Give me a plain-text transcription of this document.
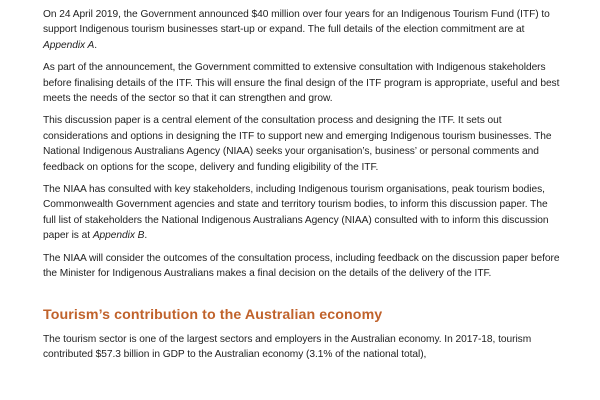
On 24 April 2019, the Government announced $40 million over four years for an Indigenous Tourism Fund (ITF) to support Indigenous tourism businesses start-up or expand. The full details of the election commitment are at Appendix A.

As part of the announcement, the Government committed to extensive consultation with Indigenous stakeholders before finalising details of the ITF. This will ensure the final design of the ITF program is appropriate, useful and best meets the needs of the sector so that it can strengthen and grow.

This discussion paper is a central element of the consultation process and designing the ITF. It sets out considerations and options in designing the ITF to support new and emerging Indigenous tourism businesses. The National Indigenous Australians Agency (NIAA) seeks your organisation’s, business’ or personal comments and feedback on options for the scope, delivery and funding eligibility of the ITF.

The NIAA has consulted with key stakeholders, including Indigenous tourism organisations, peak tourism bodies, Commonwealth Government agencies and state and territory tourism bodies, to inform this discussion paper. The full list of stakeholders the National Indigenous Australians Agency (NIAA) consulted with to inform this discussion paper is at Appendix B.

The NIAA will consider the outcomes of the consultation process, including feedback on the discussion paper before the Minister for Indigenous Australians makes a final decision on the details of the delivery of the ITF.

Tourism’s contribution to the Australian economy

The tourism sector is one of the largest sectors and employers in the Australian economy. In 2017-18, tourism contributed $57.3 billion in GDP to the Australian economy (3.1% of the national total),
